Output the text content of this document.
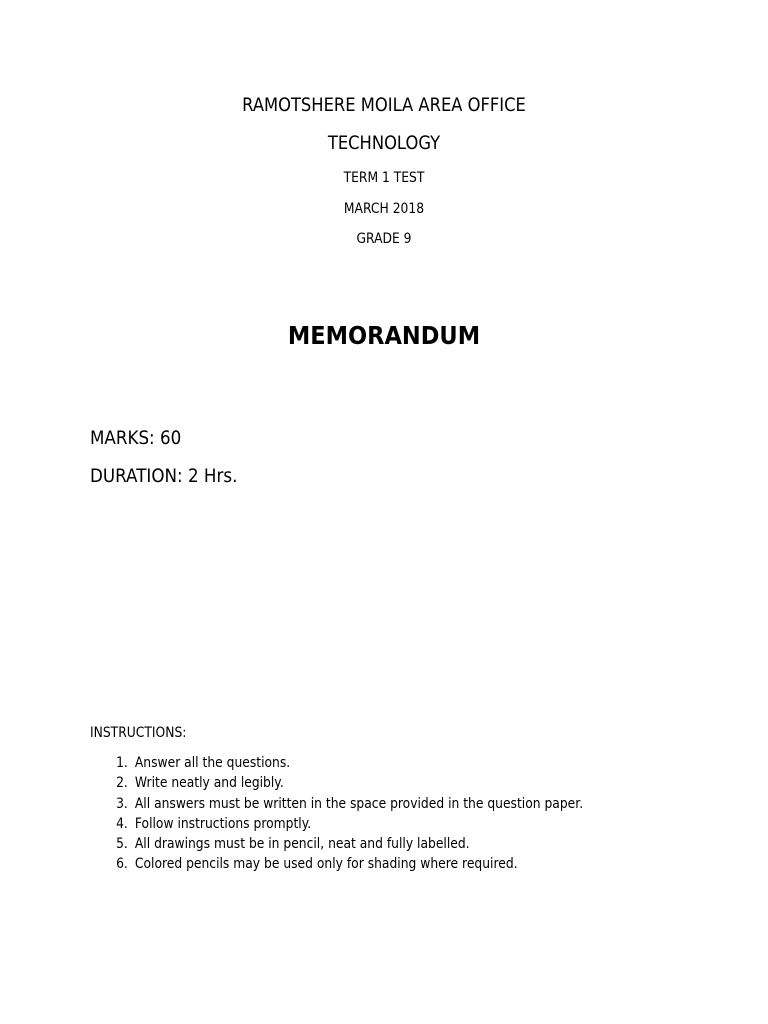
RAMOTSHERE MOILA AREA OFFICE

TECHNOLOGY

TERM 1 TEST

MARCH 2018

GRADE 9

MEMORANDUM

MARKS: 60

DURATION: 2 Hrs.

INSTRUCTIONS:

1. Answer all the questions.
2. Write neatly and legibly.
3. All answers must be written in the space provided in the question paper.
4. Follow instructions promptly.
5. All drawings must be in pencil, neat and fully labelled.
6. Colored pencils may be used only for shading where required.
